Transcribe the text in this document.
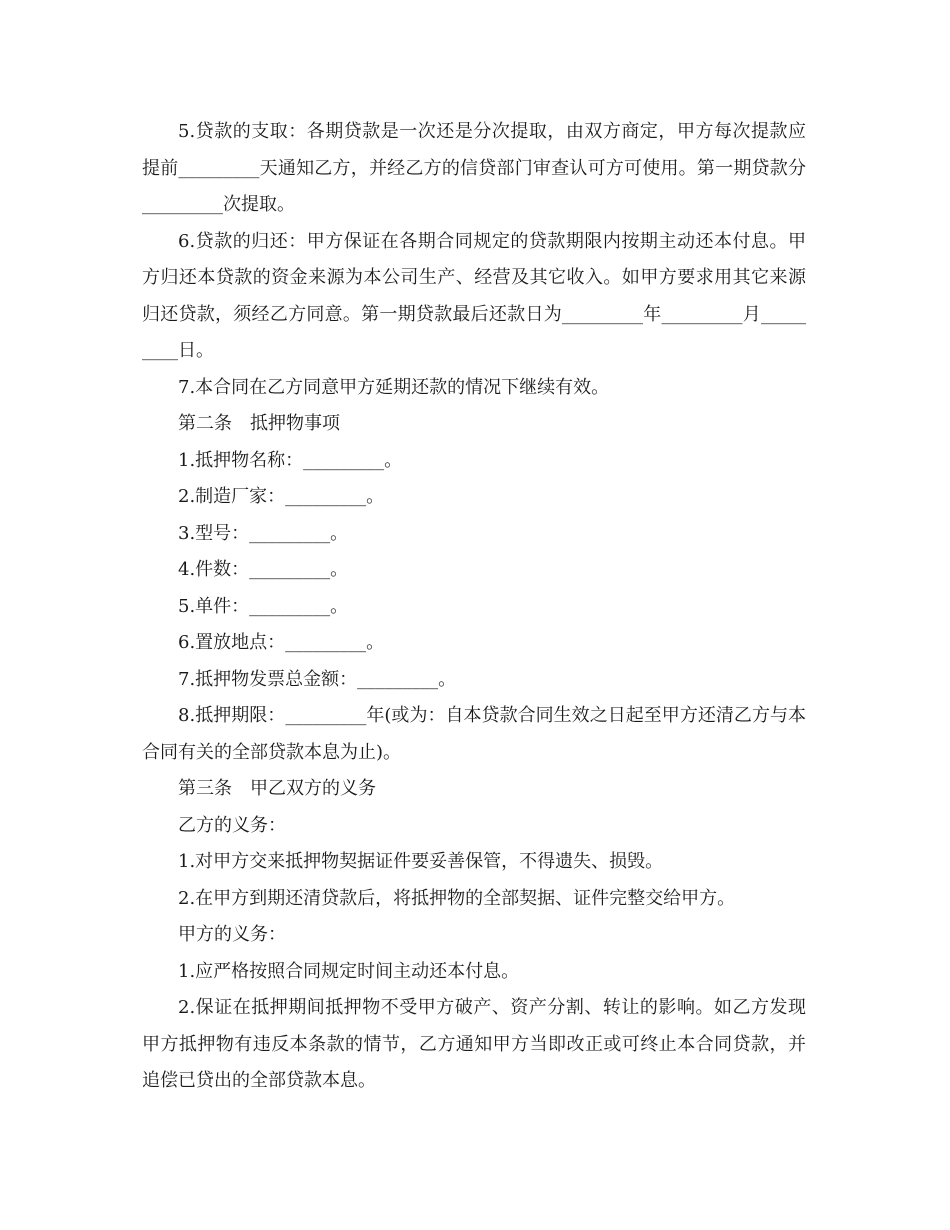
5.贷款的支取：各期贷款是一次还是分次提取，由双方商定，甲方每次提款应提前_________天通知乙方，并经乙方的信贷部门审查认可方可使用。第一期贷款分_________次提取。

6.贷款的归还：甲方保证在各期合同规定的贷款期限内按期主动还本付息。甲方归还本贷款的资金来源为本公司生产、经营及其它收入。如甲方要求用其它来源归还贷款，须经乙方同意。第一期贷款最后还款日为_________年_________月_________日。

7.本合同在乙方同意甲方延期还款的情况下继续有效。

第二条　抵押物事项

1.抵押物名称：_________。

2.制造厂家：_________。

3.型号：_________。

4.件数：_________。

5.单件：_________。

6.置放地点：_________。

7.抵押物发票总金额：_________。

8.抵押期限：_________年(或为：自本贷款合同生效之日起至甲方还清乙方与本合同有关的全部贷款本息为止)。

第三条　甲乙双方的义务

乙方的义务：

1.对甲方交来抵押物契据证件要妥善保管，不得遗失、损毁。

2.在甲方到期还清贷款后，将抵押物的全部契据、证件完整交给甲方。

甲方的义务：

1.应严格按照合同规定时间主动还本付息。

2.保证在抵押期间抵押物不受甲方破产、资产分割、转让的影响。如乙方发现甲方抵押物有违反本条款的情节，乙方通知甲方当即改正或可终止本合同贷款，并追偿已贷出的全部贷款本息。
